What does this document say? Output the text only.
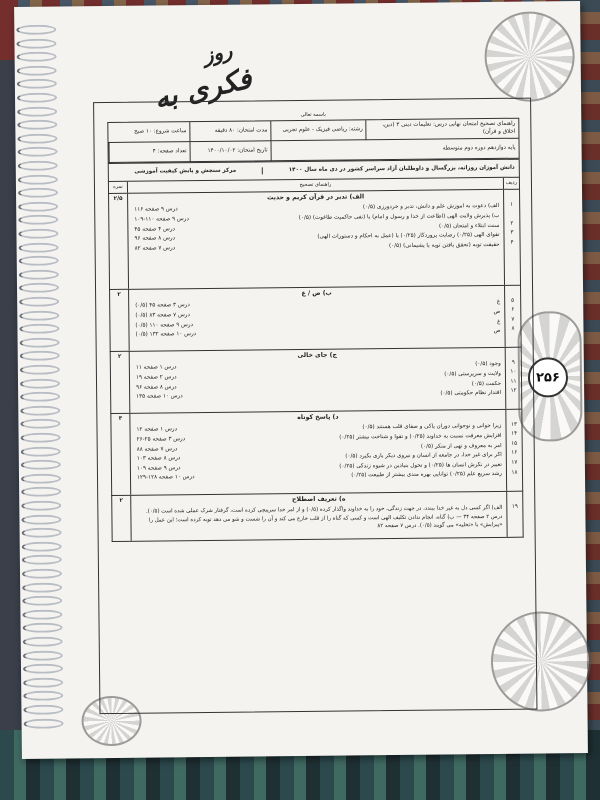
روز
فکری به
۲۵۶
باسمه تعالی
راهنمای تصحیح امتحان نهایی درس: تعلیمات دینی ۳ (دین، اخلاق و قرآن)
رشته: ریاضی فیزیک - علوم تجربی
مدت امتحان: ۸۰ دقیقه
ساعت شروع: ۱۰ صبح
پایه دوازدهم دوره دوم متوسطه
تاریخ امتحان: ۱۴۰۰/۱۰/۰۲
تعداد صفحه: ۴
دانش آموزان روزانه، بزرگسال و داوطلبان آزاد سراسر کشور در دی ماه سال ۱۴۰۰
مرکز سنجش و پایش کیفیت آموزشی
ردیف
راهنمای تصحیح
نمره
۱
۲
۳
۴
الف) تدبر در قرآن کریم و حدیث
الف) دعوت به آموزش علم و دانش، تدبر و خردورزی (۰/۵)
درس ۹ صفحه ۱۱۶
ب) پذیرش ولایت الهی (اطاعت از خدا و رسول و امام) یا (نفی حاکمیت طاغوت) (۰/۵)
درس ۹ صفحه ۱۱۰-۱۰۹
سنت ابتلاء و امتحان (۰/۵)
درس ۴ صفحه ۴۵
تقوای الهی (۰/۲۵) رضایت پروردگار (۰/۲۵) یا (عمل به احکام و دستورات الهی)
درس ۸ صفحه ۹۶
حقیقت توبه (تحقق یافتن توبه یا پشیمانی) (۰/۵)
درس ۷ صفحه ۸۲
۲/۵
۵
۶
۷
۸
ب) ص / غ
غ
درس ۳ صفحه ۴۵ (۰/۵)
ص
درس ۷ صفحه ۸۳ (۰/۵)
غ
درس ۹ صفحه ۱۱۰ (۰/۵)
ص
درس ۱۰ صفحه ۱۳۲ (۰/۵)
۲
۹
۱۰
۱۱
۱۲
ج) جای خالی
وجود (۰/۵)
درس ۱ صفحه ۱۱
ولایت و سرپرستی (۰/۵)
درس ۲ صفحه ۱۹
حکمت (۰/۵)
درس ۸ صفحه ۹۶
اقتدار نظام حکومتی (۰/۵)
درس ۱۰ صفحه ۱۳۵
۲
۱۳
۱۴
۱۵
۱۶
۱۷
۱۸
د) پاسخ کوتاه
زیرا جوانی و نوجوانی دوران پاکی و صفای قلب هستند (۰/۵)
درس ۱ صفحه ۱۲
افزایش معرفت نسبت به خداوند (۰/۲۵) و تقوا و شناخت بیشتر (۰/۲۵)
درس ۳ صفحه ۲۵-۲۶
امر به معروف و نهی از منکر (۰/۵)
درس ۷ صفحه ۸۸
اگر برای غیر خدا، در جامعه از انسان و نیروی دیگر یاری بگیرد (۰/۵)
درس ۸ صفحه ۱۰۳
تغییر در نگرش انسان ها (۰/۲۵) و تحول بنیادین در شیوه زندگی (۰/۲۵)
درس ۹ صفحه ۱۰۹
رشد سریع علم (۰/۲۵) توانایی بهره مندی بیشتر از طبیعت (۰/۲۵)
درس ۱۰ صفحه ۱۲۸-۱۲۹
۳
۱۹
ه) تعریف اصطلاح
الف) اگر کسی دل به غیر خدا ببندد، در جهت زندگی، خود را به خداوند واگذار کرده (۰/۵) و از امر خدا سرپیچی کرده است، گرفتار شرک عملی شده است (۰/۵). درس ۲ صفحه ۳۴ — ب) گناه، انجام ندادن تکلیف الهی است و کسی که گناه را از قلب خارج می کند و آن را شست و شو می دهد توبه کرده است؛ این عمل را «پیرایش» یا «تخلیه» می گویند (۰/۵). درس ۷ صفحه ۸۲
۲
